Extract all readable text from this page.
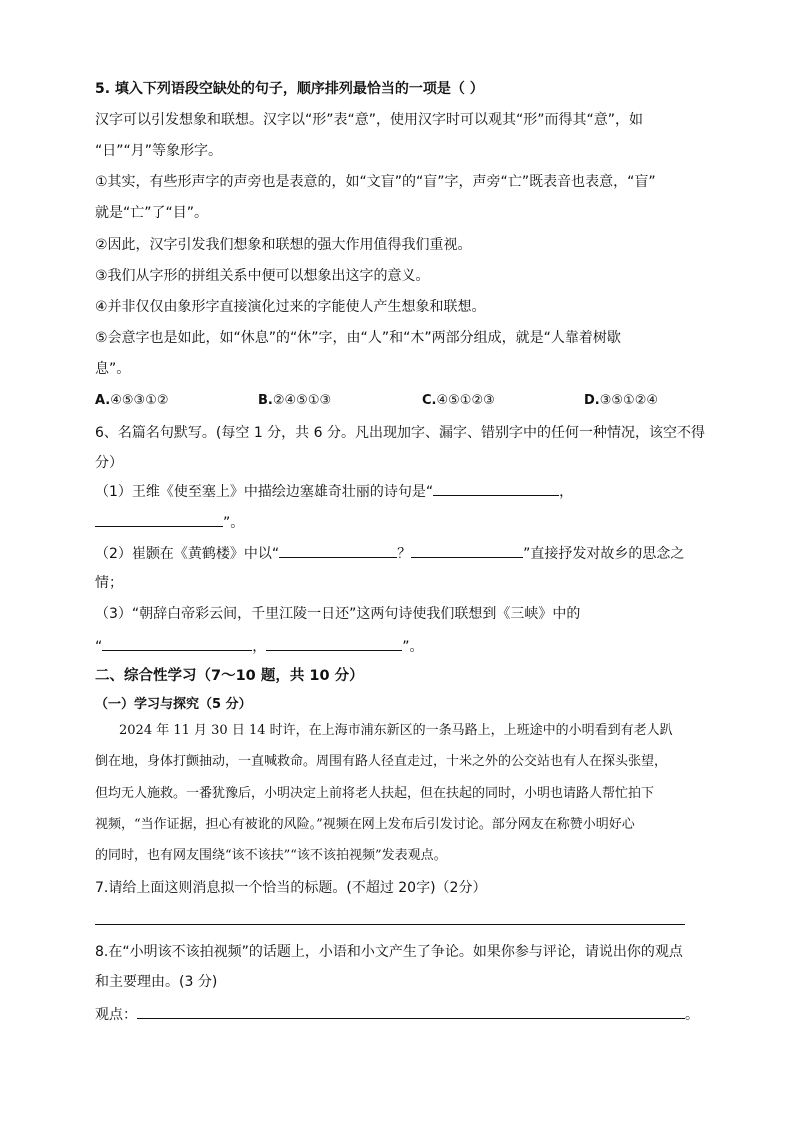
5. 填入下列语段空缺处的句子，顺序排列最恰当的一项是（ ）
汉字可以引发想象和联想。汉字以“形”表“意”，使用汉字时可以观其“形”而得其“意”，如
“日”“月”等象形字。
①其实，有些形声字的声旁也是表意的，如“文盲”的“盲”字，声旁“亡”既表音也表意，“盲”
就是“亡”了“目”。
②因此，汉字引发我们想象和联想的强大作用值得我们重视。
③我们从字形的拼组关系中便可以想象出这字的意义。
④并非仅仅由象形字直接演化过来的字能使人产生想象和联想。
⑤会意字也是如此，如“休息”的“休”字，由“人”和“木”两部分组成，就是“人靠着树歇
息”。
A.④⑤③①②	B.②④⑤①③	C.④⑤①②③	D.③⑤①②④
6、名篇名句默写。(每空 1 分，共 6 分。凡出现加字、漏字、错别字中的任何一种情况，该空不得
分）
（1）王维《使至塞上》中描绘边塞雄奇壮丽的诗句是“	，
”。
（2）崔颢在《黄鹤楼》中以“	？	”直接抒发对故乡的思念之
情；
（3）“朝辞白帝彩云间，千里江陵一日还”这两句诗使我们联想到《三峡》中的
“	，	”。
二、综合性学习（7～10 题，共 10 分）
（一）学习与探究（5 分）
2024 年 11 月 30 日 14 时许，在上海市浦东新区的一条马路上，上班途中的小明看到有老人趴
倒在地，身体打颤抽动，一直喊救命。周围有路人径直走过，十米之外的公交站也有人在探头张望，
但均无人施救。一番犹豫后，小明决定上前将老人扶起，但在扶起的同时，小明也请路人帮忙拍下
视频，“当作证据，担心有被讹的风险。”视频在网上发布后引发讨论。部分网友在称赞小明好心
的同时，也有网友围绕“该不该扶”“该不该拍视频”发表观点。
7.请给上面这则消息拟一个恰当的标题。(不超过 20字)（2分）
8.在“小明该不该拍视频”的话题上，小语和小文产生了争论。如果你参与评论，请说出你的观点
和主要理由。(3 分)
观点：	。
